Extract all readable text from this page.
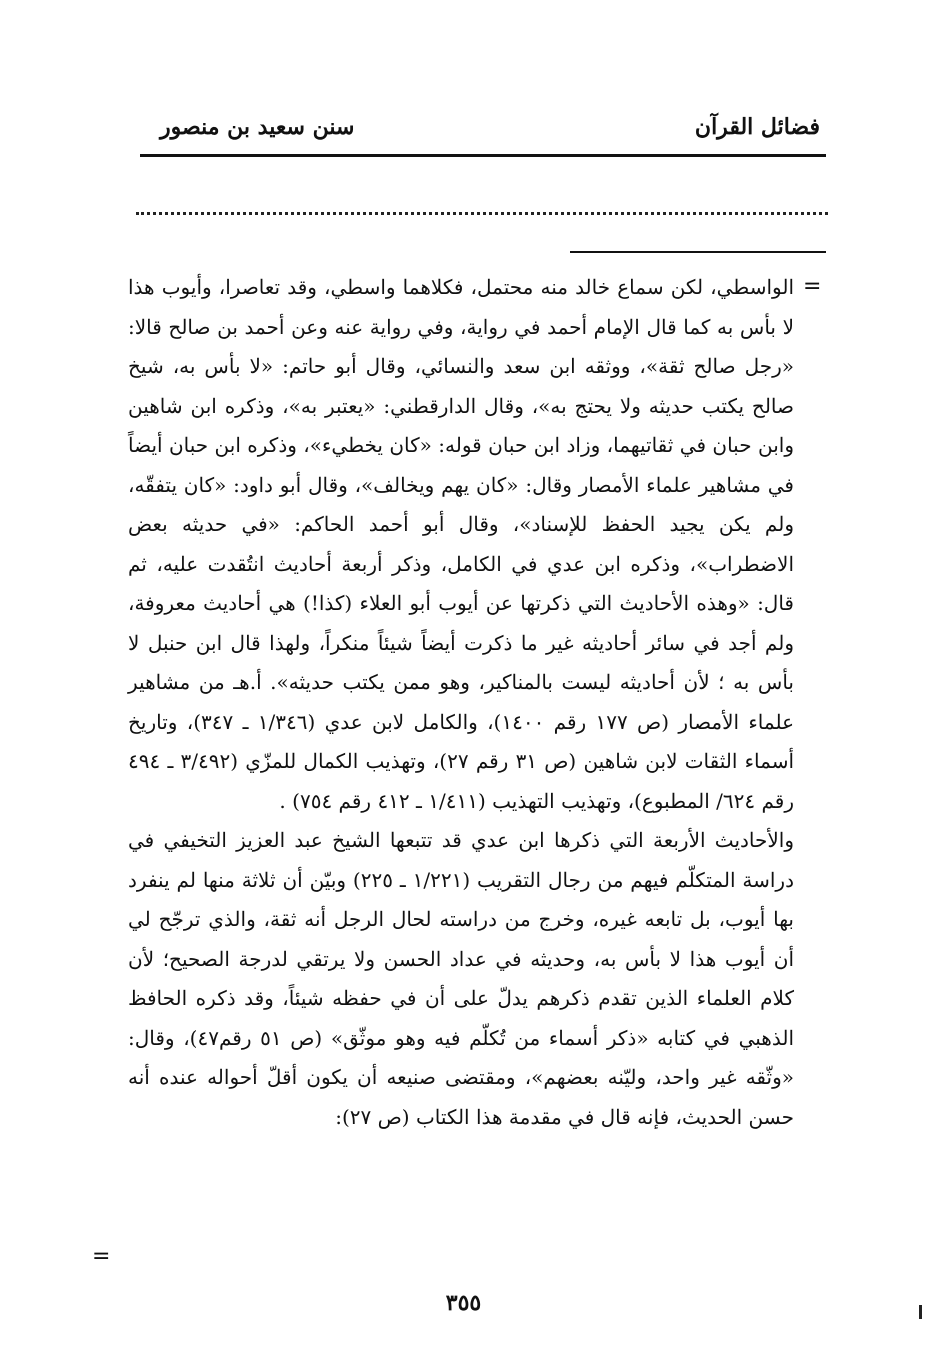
فضائل القرآن
سنن سعيد بن منصور
=

الواسطي، لكن سماع خالد منه محتمل، فكلاهما واسطي، وقد تعاصرا، وأيوب هذا لا بأس به كما قال الإمام أحمد في رواية، وفي رواية عنه وعن أحمد بن صالح قالا: «رجل صالح ثقة»، ووثقه ابن سعد والنسائي، وقال أبو حاتم: «لا بأس به، شيخ صالح يكتب حديثه ولا يحتج به»، وقال الدارقطني: «يعتبر به»، وذكره ابن شاهين وابن حبان في ثقاتيهما، وزاد ابن حبان قوله: «كان يخطيء»، وذكره ابن حبان أيضاً في مشاهير علماء الأمصار وقال: «كان يهم ويخالف»، وقال أبو داود: «كان يتفقّه، ولم يكن يجيد الحفظ للإسناد»، وقال أبو أحمد الحاكم: «في حديثه بعض الاضطراب»، وذكره ابن عدي في الكامل، وذكر أربعة أحاديث انتُقدت عليه، ثم قال: «وهذه الأحاديث التي ذكرتها عن أيوب أبو العلاء (كذا!) هي أحاديث معروفة، ولم أجد في سائر أحاديثه غير ما ذكرت أيضاً شيئاً منكراً، ولهذا قال ابن حنبل لا بأس به ؛ لأن أحاديثه ليست بالمناكير، وهو ممن يكتب حديثه». أ.هـ من مشاهير علماء الأمصار (ص ١٧٧ رقم ١٤٠٠)، والكامل لابن عدي (١/٣٤٦ ـ ٣٤٧)، وتاريخ أسماء الثقات لابن شاهين (ص ٣١ رقم ٢٧)، وتهذيب الكمال للمزّي (٣/٤٩٢ ـ ٤٩٤ رقم ٦٢٤/ المطبوع)، وتهذيب التهذيب (١/٤١١ ـ ٤١٢ رقم ٧٥٤) .

والأحاديث الأربعة التي ذكرها ابن عدي قد تتبعها الشيخ عبد العزيز التخيفي في دراسة المتكلّم فيهم من رجال التقريب (١/٢٢١ ـ ٢٢٥) وبيّن أن ثلاثة منها لم ينفرد بها أيوب، بل تابعه غيره، وخرج من دراسته لحال الرجل أنه ثقة، والذي ترجّح لي أن أيوب هذا لا بأس به، وحديثه في عداد الحسن ولا يرتقي لدرجة الصحيح؛ لأن كلام العلماء الذين تقدم ذكرهم يدلّ على أن في حفظه شيئاً، وقد ذكره الحافظ الذهبي في كتابه «ذكر أسماء من تُكلّم فيه وهو موثّق» (ص ٥١ رقم٤٧)، وقال: «وثّقه غير واحد، وليّنه بعضهم»، ومقتضى صنيعه أن يكون أقلّ أحواله عنده أنه حسن الحديث، فإنه قال في مقدمة هذا الكتاب (ص ٢٧):

=
٣٥٥
